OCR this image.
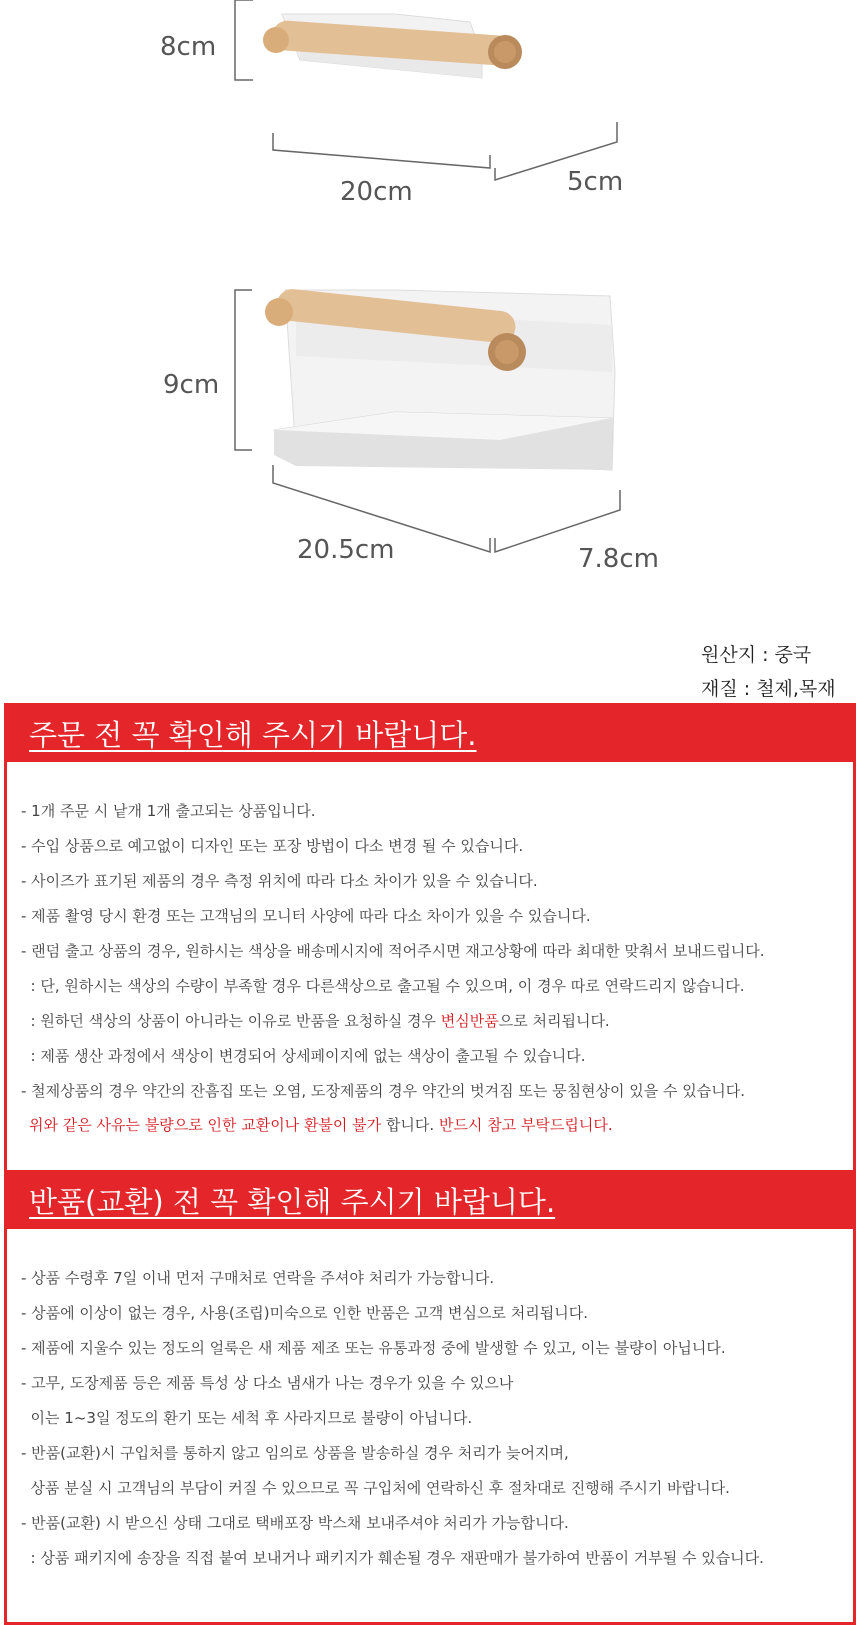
8cm
20cm	5cm
9cm
20.5cm	7.8cm
원산지 : 중국
재질 : 철제,목재
주문 전 꼭 확인해 주시기 바랍니다.
- 1개 주문 시 낱개 1개 출고되는 상품입니다.
- 수입 상품으로 예고없이 디자인 또는 포장 방법이 다소 변경 될 수 있습니다.
- 사이즈가 표기된 제품의 경우 측정 위치에 따라 다소 차이가 있을 수 있습니다.
- 제품 촬영 당시 환경 또는 고객님의 모니터 사양에 따라 다소 차이가 있을 수 있습니다.
- 랜덤 출고 상품의 경우, 원하시는 색상을 배송메시지에 적어주시면 재고상황에 따라 최대한 맞춰서 보내드립니다.
: 단, 원하시는 색상의 수량이 부족할 경우 다른색상으로 출고될 수 있으며, 이 경우 따로 연락드리지 않습니다.
: 원하던 색상의 상품이 아니라는 이유로 반품을 요청하실 경우 변심반품으로 처리됩니다.
: 제품 생산 과정에서 색상이 변경되어 상세페이지에 없는 색상이 출고될 수 있습니다.
- 철제상품의 경우 약간의 잔흠집 또는 오염, 도장제품의 경우 약간의 벗겨짐 또는 뭉침현상이 있을 수 있습니다.
위와 같은 사유는 불량으로 인한 교환이나 환불이 불가 합니다. 반드시 참고 부탁드립니다.
반품(교환) 전 꼭 확인해 주시기 바랍니다.
- 상품 수령후 7일 이내 먼저 구매처로 연락을 주셔야 처리가 가능합니다.
- 상품에 이상이 없는 경우, 사용(조립)미숙으로 인한 반품은 고객 변심으로 처리됩니다.
- 제품에 지울수 있는 정도의 얼룩은 새 제품 제조 또는 유통과정 중에 발생할 수 있고, 이는 불량이 아닙니다.
- 고무, 도장제품 등은 제품 특성 상 다소 냄새가 나는 경우가 있을 수 있으나
이는 1~3일 정도의 환기 또는 세척 후 사라지므로 불량이 아닙니다.
- 반품(교환)시 구입처를 통하지 않고 임의로 상품을 발송하실 경우 처리가 늦어지며,
상품 분실 시 고객님의 부담이 커질 수 있으므로 꼭 구입처에 연락하신 후 절차대로 진행해 주시기 바랍니다.
- 반품(교환) 시 받으신 상태 그대로 택배포장 박스채 보내주셔야 처리가 가능합니다.
: 상품 패키지에 송장을 직접 붙여 보내거나 패키지가 훼손될 경우 재판매가 불가하여 반품이 거부될 수 있습니다.
